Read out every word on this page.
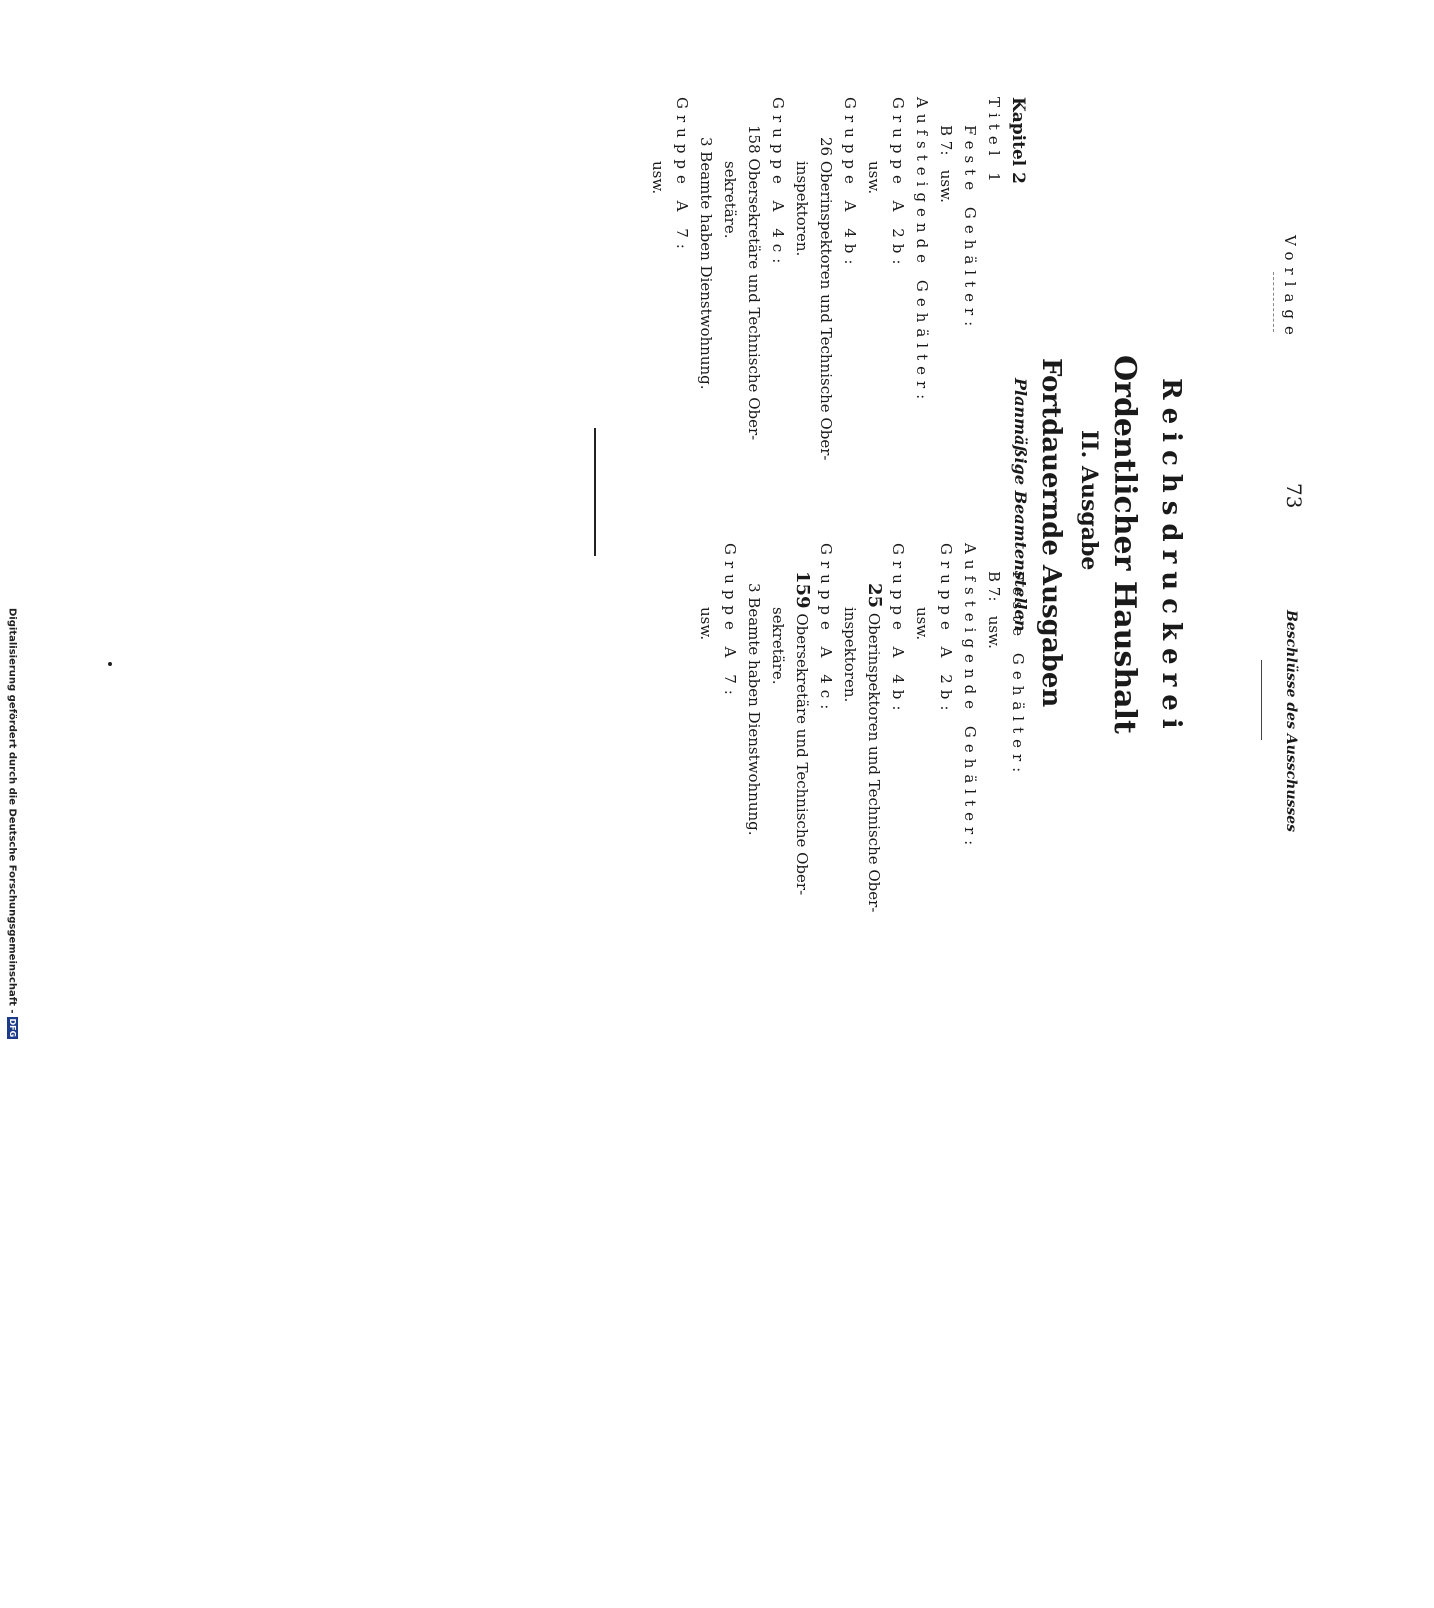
Vorlage
73
Beschlüsse des Ausschusses
Reichsdruckerei
Ordentlicher Haushalt
II. Ausgabe
Fortdauernde Ausgaben
Planmäßige Beamtenstellen
Kapitel 2
Titel 1
Feste Gehälter:
B 7:   usw.
Aufsteigende Gehälter:
Gruppe A 2b:
usw.
Gruppe A 4b:
26 Oberinspektoren und Technische Ober-
inspektoren.
Gruppe A 4c:
158 Obersekretäre und Technische Ober-
sekretäre.
3 Beamte haben Dienstwohnung.
Gruppe A 7:
usw.
Feste Gehälter:
B 7:   usw.
Aufsteigende Gehälter:
Gruppe A 2b:
usw.
Gruppe A 4b:
25 Oberinspektoren und Technische Ober-
inspektoren.
Gruppe A 4c:
159 Obersekretäre und Technische Ober-
sekretäre.
3 Beamte haben Dienstwohnung.
Gruppe A 7:
usw.
Digitalisierung gefördert durch die Deutsche Forschungsgemeinschaft -DFG
